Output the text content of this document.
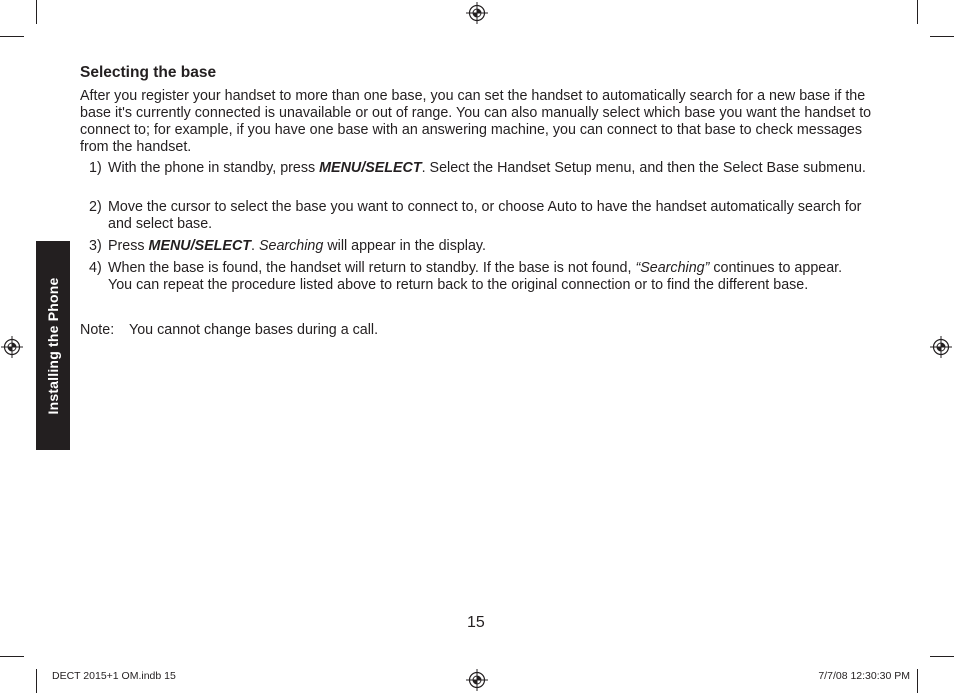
Installing the Phone
Selecting the base
After you register your handset to more than one base, you can set the handset to automatically search for a new base if the base it's currently connected is unavailable or out of range. You can also manually select which base you want the handset to connect to; for example, if you have one base with an answering machine, you can connect to that base to check messages from the handset.
1) With the phone in standby, press MENU/SELECT. Select the Handset Setup menu, and then the Select Base submenu.
2) Move the cursor to select the base you want to connect to, or choose Auto to have the handset automatically search for and select base.
3) Press MENU/SELECT. Searching will appear in the display.
4) When the base is found, the handset will return to standby. If the base is not found, “Searching” continues to appear. You can repeat the procedure listed above to return back to the original connection or to find the different base.
Note: You cannot change bases during a call.
15
DECT 2015+1 OM.indb 15	7/7/08 12:30:30 PM
